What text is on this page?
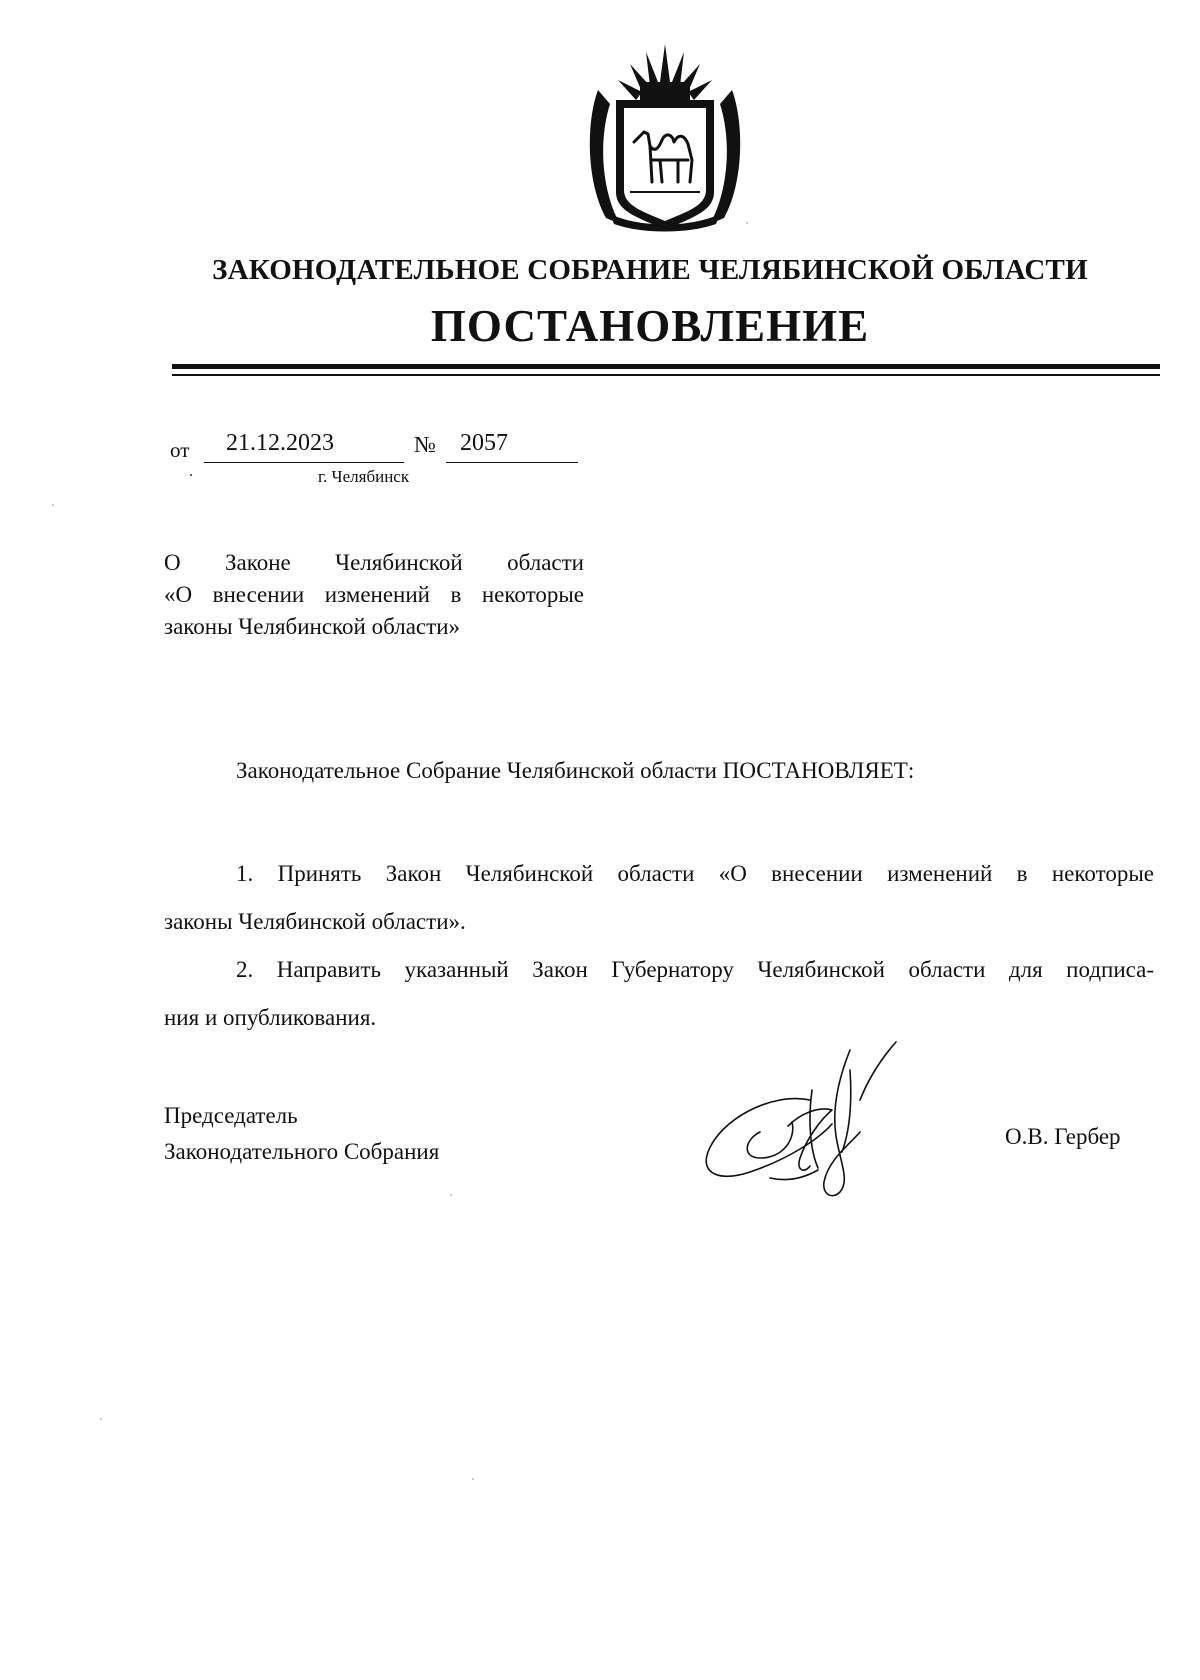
ЗАКОНОДАТЕЛЬНОЕ СОБРАНИЕ ЧЕЛЯБИНСКОЙ ОБЛАСТИ
ПОСТАНОВЛЕНИЕ
от 21.12.2023	№ 2057
г. Челябинск
О Законе Челябинской области
«О внесении изменений в некоторые
законы Челябинской области»
Законодательное Собрание Челябинской области ПОСТАНОВЛЯЕТ:
1. Принять Закон Челябинской области «О внесении изменений в некоторые
законы Челябинской области».
2. Направить указанный Закон Губернатору Челябинской области для подписа-
ния и опубликования.
Председатель
Законодательного Собрания
О.В. Гербер
